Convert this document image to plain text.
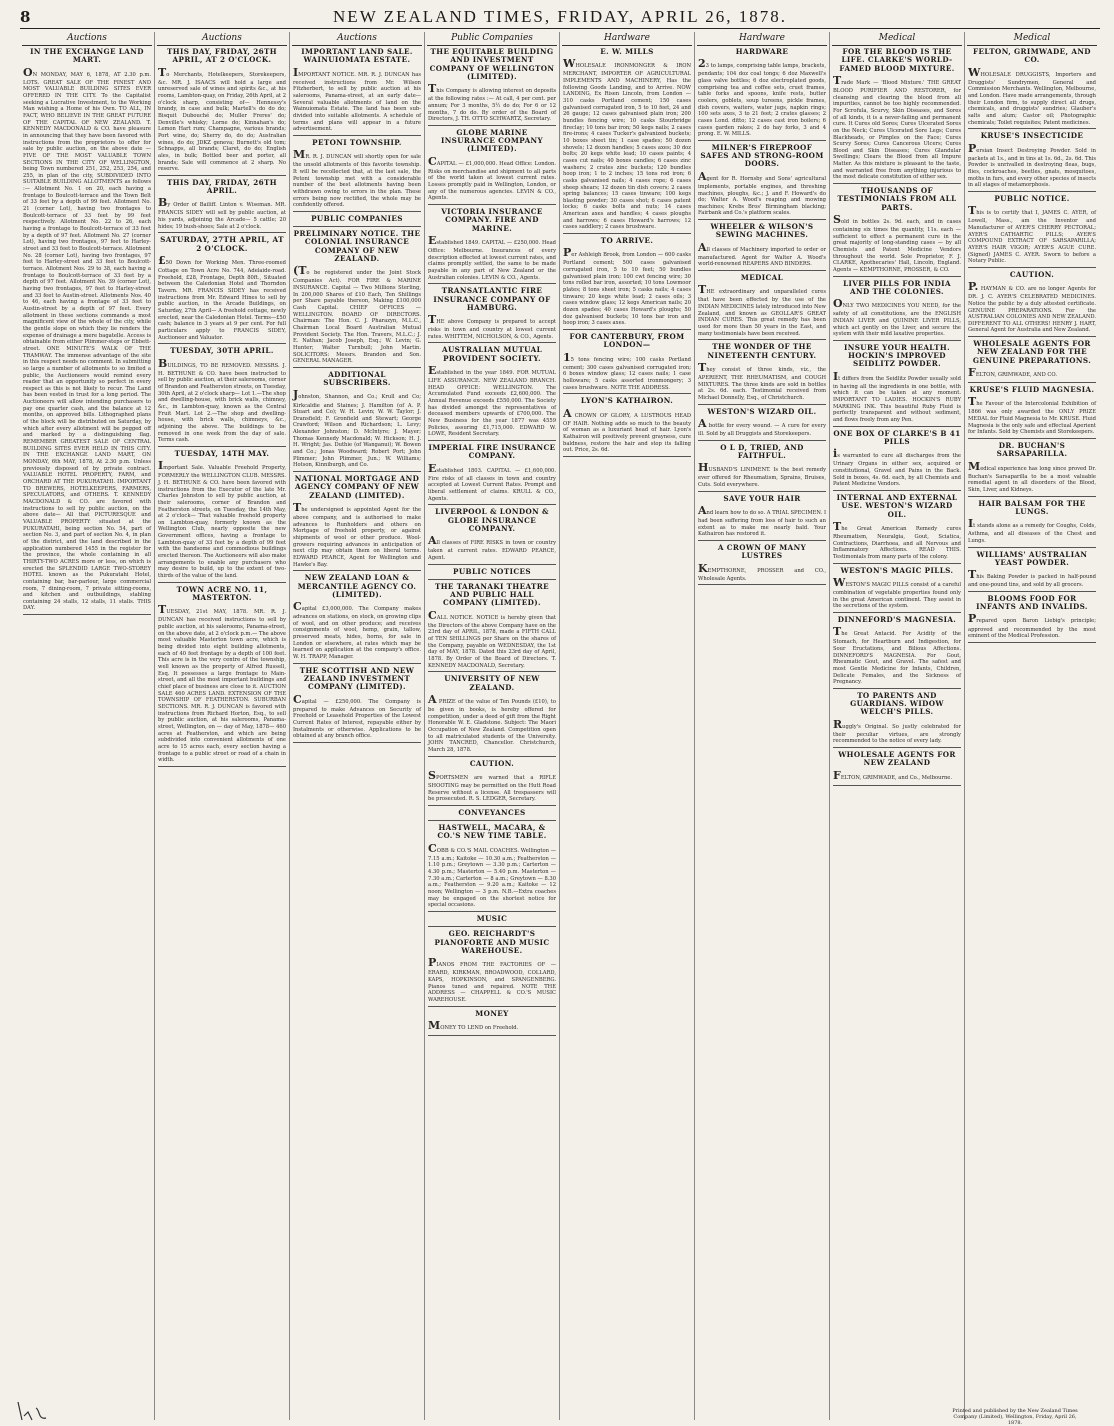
8	NEW ZEALAND TIMES, FRIDAY, APRIL 26, 1878.
Auctions
IN THE EXCHANGE LAND MART.

ON MONDAY, MAY 6, 1878, AT 2.30 p.m. LOTS. GREAT SALE OF THE FINEST AND MOST VALUABLE BUILDING SITES EVER OFFERED IN THE CITY. To the Capitalist seeking a Lucrative Investment, to the Working Man wishing a Home of his Own. TO ALL, IN FACT, WHO BELIEVE IN THE GREAT FUTURE OF THE CAPITAL OF NEW ZEALAND. T. KENNEDY MACDONALD & CO. have pleasure in announcing that they have been favored with instructions from the proprietors to offer for sale by public auction, on the above date — FIVE OF THE MOST VALUABLE TOWN SECTIONS IN THE CITY OF WELLINGTON, being Town numbered 251, 252, 253, 254, and 255, in plan of the city, SUBDIVIDED INTO SUITABLE BUILDING ALLOTMENTS as follows :— Allotment No. 1 on 20, each having a frontage to Boulcott-terrace and the Town Belt of 33 feet by a depth of 99 feet. Allotment No. 21 (corner Lot), having two frontages to Boulcott-terrace of 33 feet by 99 feet respectively. Allotment No. 22 to 26, each having a frontage to Boulcott-terrace of 33 feet by a depth of 97 feet. Allotment No. 27 (corner Lot), having two frontages, 97 feet to Harley-street and 33 feet to Boulcott-terrace. Allotment No. 28 (corner Lot), having two frontages, 97 feet to Harley-street and 33 feet to Boulcott-terrace. Allotment Nos. 29 to 38, each having a frontage to Boulcott-terrace of 33 feet by a depth of 97 feet. Allotment No. 39 (corner Lot), having two frontages, 97 feet to Harley-street and 33 feet to Austin-street. Allotments Nos. 40 to 46, each having a frontage of 33 feet to Austin-street by a depth of 97 feet. Every allotment in these sections commands a most magnificent view of the whole of the city, while the gentle slope on which they lie renders the expense of drainage a mere bagatelle. Access is obtainable from either Plimmer-steps or Ebbett-street. ONE MINUTE'S WALK OF THE TRAMWAY. The immense advantage of the site in this respect needs no comment. In submitting so large a number of allotments to so limited a public, the Auctioneers would remind every reader that an opportunity so perfect in every respect as this is not likely to recur. The Land has been vested in trust for a long period. The Auctioneers will allow intending purchasers to pay one quarter cash, and the balance at 12 months, on approved bills. Lithographed plans of the block will be distributed on Saturday, by which after every allotment will be pegged off and marked by a distinguishing flag. REMEMBER GREATEST SALE OF CENTRAL BUILDING SITES EVER HELD IN THIS CITY. IN THE EXCHANGE LAND MART, ON MONDAY, 6th MAY, 1878, At 2.30 p.m. Unless previously disposed of by private contract. VALUABLE HOTEL PROPERTY, FARM, and ORCHARD AT THE PUKURATAHI. IMPORTANT TO BREWERS, HOTELKEEPERS, FARMERS, SPECULATORS, and OTHERS. T. KENNEDY MACDONALD & CO. are favored with instructions to sell by public auction, on the above date— All that PICTURESQUE and VALUABLE PROPERTY situated at the PUKURATAHI, being section No. 54, part of section No. 3, and part of section No. 4, in plan of the district, and the land described in the application numbered 1455 in the register for the province, the whole containing in all THIRTY-TWO ACRES more or less, on which is erected the SPLENDID LARGE TWO-STOREY HOTEL known as the Pukuratahi Hotel, containing bar, bar-parlour, large commercial room, 7 dining-room, 7 private sitting-rooms, and kitchen and outbuildings, stabling containing 24 stalls, 12 stalls, 11 stalls. THIS DAY.

Auctions
THIS DAY, FRIDAY, 26TH APRIL, AT 2 O'CLOCK.

To Merchants, Hotelkeepers, Storekeepers, &c. MR. J. ISAACS will hold a large and unreserved sale of wines and spirits &c., at his rooms, Lambton-quay, on Friday, 26th April, at 2 o'clock sharp, consisting of— Hennessy's brandy, in case and bulk; Martell's do do do; Bisquit Dubouché do; Muller Freres' do; Denville's whisky; Lorne do; Kinnahan's do; Lemon Hart rum; Champagne, various brands; Port wine, do; Sherry do, do do; Australian wines, do do; JDKZ geneva; Burnett's old tom; Schnapps, all brands; Claret, do do; English ales, in bulk; Bottled beer and porter, all brands; Sale will commence at 2 sharp. No reserve.

THIS DAY, FRIDAY, 26TH APRIL.

By Order of Bailiff. Linton v. Wiseman. MR. FRANCIS SIDEY will sell by public auction, at his yards, adjoining the Arcade— 5 cattle; 20 hides; 19 bush-shoes; Sale at 2 o'clock.

SATURDAY, 27TH APRIL, AT 2 O'CLOCK.

£50 Down for Working Men. Three-roomed Cottage on Town Acre No. 744, Adelaide-road. Freehold, £28, Frontage, Depth 80ft., Situated between the Caledonian Hotel and Thorndon Tavern. MR. FRANCIS SIDEY has received instructions from Mr. Edward Hines to sell by public auction, in the Arcade Buildings, on Saturday, 27th April— A freehold cottage, newly erected, near the Caledonian Hotel. Terms—£50 cash; balance in 3 years at 9 per cent. For full particulars apply to FRANCIS SIDEY, Auctioneer and Valuator.

TUESDAY, 30TH APRIL.

BUILDINGS, TO BE REMOVED. MESSRS. J. H. BETHUNE & CO. have been instructed to sell by public auction, at their salerooms, corner of Brandon and Featherston streets, on Tuesday, 30th April, at 2 o'clock sharp— Lot 1.—The shop and dwelling-house, with brick walls, chimney, &c., in Lambton-quay, known as the Central Fruit Mart. Lot 2.—The shop and dwelling-house, with brick walls, chimneys, &c., adjoining the above. The buildings to be removed in one week from the day of sale. Terms cash.

TUESDAY, 14TH MAY.

Important Sale. Valuable Freehold Property, FORMERLY the WELLINGTON CLUB. MESSRS. J. H. BETHUNE & CO. have been favored with instructions from the Executor of the late Mr. Charles Johnston to sell by public auction, at their salerooms, corner of Brandon and Featherston streets, on Tuesday, the 14th May, at 2 o'clock— That valuable freehold property on Lambton-quay, formerly known as the Wellington Club, nearly opposite the new Government offices, having a frontage to Lambton-quay of 33 feet by a depth of 99 feet with the handsome and commodious buildings erected thereon. The Auctioneers will also make arrangements to enable any purchasers who may desire to build, up to the extent of two-thirds of the value of the land.

TOWN ACRE NO. 11, MASTERTON.

TUESDAY, 21st MAY, 1878. MR. R. J. DUNCAN has received instructions to sell by public auction, at his salerooms, Panama-street, on the above date, at 2 o'clock p.m.— The above most valuable Masterton town acre, which is being divided into eight building allotments, each of 40 feet frontage by a depth of 100 feet. This acre is in the very centre of the township, well known as the property of Alfred Russell, Esq. It possesses a large frontage to Main-street, and all the most important buildings and chief place of business are close to it. AUCTION SALE 460 ACRES LAND. EXTENSION OF THE TOWNSHIP OF FEATHERSTON. SUBURBAN SECTIONS. MR. R. J. DUNCAN is favored with instructions from Richard Horton, Esq., to sell by public auction, at his salerooms, Panama-street, Wellington, on — day of May, 1878— 460 acres at Featherston, and which are being subdivided into convenient allotments of one acre to 15 acres each, every section having a frontage to a public street or road of a chain in width.

Auctions
IMPORTANT LAND SALE. WAINUIOMATA ESTATE.

IMPORTANT NOTICE. MR. R. J. DUNCAN has received instructions from Mr. Wilson Fitzherbert, to sell by public auction at his salerooms, Panama-street, at an early date— Several valuable allotments of land on the Wainuiomata Estate. The land has been sub-divided into suitable allotments. A schedule of terms and plans will appear in a future advertisement.

PETONI TOWNSHIP.

MR. R. J. DUNCAN will shortly open for sale the unsold allotments of this favorite township. It will be recollected that, at the last sale, the Petoni township met with a considerable number of the best allotments having been withdrawn owing to errors in the plan. These errors being now rectified, the whole may be confidently offered.

PUBLIC COMPANIES
PRELIMINARY NOTICE. THE COLONIAL INSURANCE COMPANY OF NEW ZEALAND.

(To be registered under the Joint Stock Companies Act). FOR FIRE & MARINE INSURANCE. Capital — Two Millions Sterling, In 200,000 Shares of £10 Each, Ten Shillings per Share payable thereon, Making £100,000 Cash Capital. CHIEF OFFICES — WELLINGTON. BOARD OF DIRECTORS. Chairman: The Hon. C. J. Pharazyn, M.L.C., Chairman Local Board Australian Mutual Provident Society. The Hon. Travers, M.L.C.; J. E. Nathan; Jacob Joseph, Esq.; W. Levin; G. Hunter; Walter Turnbull; John Martin. SOLICITORS: Messrs. Brandon and Son. GENERAL MANAGER.

ADDITIONAL SUBSCRIBERS.

Johnston, Shannon, and Co.; Krull and Co; Kirkcaldie and Staines; J. Hamilton (of A. P. Stuart and Co); W. H. Levin; W. W. Taylor; J. Dransfield; F. Gronfield and Stewart; George Crawford; Wilson and Richardson; L. Levy; Alexander Johnston; D. McIntyre; J. Mayer; Thomas Kennedy Macdonald; W. Hickson; H. J. H. Wright; Jas. Duthie (of Wanganui); W. Bowen and Co.; Jonas Woodward; Robert Port; John Plimmer; John Plimmer, Jun.; W. Williams; Hotson, Kinniburgh, and Co.

NATIONAL MORTGAGE AND AGENCY COMPANY OF NEW ZEALAND (LIMITED).

The undersigned is appointed Agent for the above company, and is authorised to make advances to Runholders and others on Mortgage of freehold property, or against shipments of wool or other produce. Wool-growers requiring advances in anticipation of next clip may obtain them on liberal terms. EDWARD PEARCE, Agent for Wellington and Hawke's Bay.

NEW ZEALAND LOAN & MERCANTILE AGENCY CO. (LIMITED).

Capital £3,000,000. The Company makes advances on stations, on stock, on growing clips of wool, and on other produce; and receives consignments of wool, hemp, grain, tallow, preserved meats, hides, horns, for sale in London or elsewhere, at rates which may be learned on application at the company's office. W. H. TRAPP, Manager.

THE SCOTTISH AND NEW ZEALAND INVESTMENT COMPANY (LIMITED).

Capital — £250,000. The Company is prepared to make Advances on Security of Freehold or Leasehold Properties of the Lowest Current Rates of Interest, repayable either by Instalments or otherwise. Applications to be obtained at any branch office.

Public Companies
THE EQUITABLE BUILDING AND INVESTMENT COMPANY OF WELLINGTON (LIMITED).

This Company is allowing interest on deposits at the following rates :— At call, 4 per cent. per annum; For 3 months, 5½ do do; For 6 or 12 months, 7 do do. By order of the Board of Directors, J. TH. OTTO SCHWARTZ, Secretary.

GLOBE MARINE INSURANCE COMPANY (LIMITED).

CAPITAL — £1,000,000. Head Office: London. Risks on merchandise and shipment to all parts of the world taken at lowest current rates. Losses promptly paid in Wellington, London, or any of the numerous agencies. LEVIN & CO., Agents.

VICTORIA INSURANCE COMPANY. FIRE AND MARINE.

Established 1849. CAPITAL — £250,000. Head Office: Melbourne. Insurances of every description effected at lowest current rates, and claims promptly settled, the same to be made payable in any part of New Zealand or the Australian colonies. LEVIN & CO., Agents.

TRANSATLANTIC FIRE INSURANCE COMPANY OF HAMBURG.

THE above Company is prepared to accept risks in town and country at lowest current rates. WHITTEM, NICHOLSON, & CO., Agents.

AUSTRALIAN MUTUAL PROVIDENT SOCIETY.

Established in the year 1849. FOR MUTUAL LIFE ASSURANCE. NEW ZEALAND BRANCH. HEAD OFFICE: WELLINGTON. The Accumulated Fund exceeds £2,600,000. The Annual Revenue exceeds £550,000. The Society has divided amongst the representatives of deceased members upwards of £700,000. The New Business for the year 1877 was 4559 Policies, assuring £1,715,000. EDWARD W. LOWE, Resident Secretary.

IMPERIAL FIRE INSURANCE COMPANY.

Established 1803. CAPITAL — £1,600,000. Fire risks of all classes in town and country accepted at Lowest Current Rates. Prompt and liberal settlement of claims. KRULL & CO., Agents.

LIVERPOOL & LONDON & GLOBE INSURANCE COMPANY.

All classes of FIRE RISKS in town or country taken at current rates. EDWARD PEARCE, Agent.

PUBLIC NOTICES
THE TARANAKI THEATRE AND PUBLIC HALL COMPANY (LIMITED).

CALL NOTICE. NOTICE is hereby given that the Directors of the above Company have on the 23rd day of APRIL, 1878, made a FIFTH CALL of TEN SHILLINGS per Share on the shares of the Company, payable on WEDNESDAY, the 1st day of MAY, 1878. Dated this 23rd day of April, 1878. By Order of the Board of Directors. T. KENNEDY MACDONALD, Secretary.

UNIVERSITY OF NEW ZEALAND.

A PRIZE of the value of Ten Pounds (£10), to be given in books, is hereby offered for competition, under a deed of gift from the Right Honorable W. E. Gladstone. Subject: The Maori Occupation of New Zealand. Competition open to all matriculated students of the University. JOHN TANCRED, Chancellor. Christchurch, March 28, 1878.

CAUTION.

SPORTSMEN are warned that a RIFLE SHOOTING may be permitted on the Hutt Road Reserve without a license. All trespassers will be prosecuted. R. S. LEDGER, Secretary.

CONVEYANCES
HASTWELL, MACARA, & CO.'S NEW TIME TABLE.

COBB & CO.'S MAIL COACHES. Wellington — 7.15 a.m.; Kaitoke — 10.30 a.m.; Featherston — 1.10 p.m.; Greytown — 3.30 p.m.; Carterton — 4.30 p.m.; Masterton — 5.40 p.m. Masterton — 7.30 a.m.; Carterton — 8 a.m.; Greytown — 8.30 a.m.; Featherston — 9.20 a.m.; Kaitoke — 12 noon; Wellington — 3 p.m. N.B.—Extra coaches may be engaged on the shortest notice for special occasions.

MUSIC
GEO. REICHARDT'S PIANOFORTE AND MUSIC WAREHOUSE.

PIANOS FROM THE FACTORIES OF — ERARD, KIRKMAN, BROADWOOD, COLLARD, KAPS, HOPKINSON, and SPANGENBERG. Pianos tuned and repaired. NOTE THE ADDRESS — CHAPPELL & CO.'S MUSIC WAREHOUSE.

MONEY

MONEY TO LEND on Freehold.

Hardware
E. W. MILLS

WHOLESALE IRONMONGER & IRON MERCHANT, IMPORTER OF AGRICULTURAL IMPLEMENTS AND MACHINERY, Has the following Goods Landing, and to Arrive. NOW LANDING, Ex Risen Lincoln, from London — 310 casks Portland cement; 150 cases galvanised corrugated iron, 5 to 10 feet, 24 and 26 gauge; 12 cases galvanised plain iron; 200 bundles fencing wire; 10 casks Stourbridge fireclay; 10 tons bar iron; 50 kegs nails; 2 cases fire-irons; 4 cases Tucker's galvanized buckets; 10 boxes sheet tin; 1 case spades; 50 dozen shovels; 12 dozen handles; 5 cases axes; 30 doz bolts; 20 kegs white lead; 10 cases paints; 4 cases cut nails; 40 boxes candles; 6 cases zinc washers; 2 crates zinc buckets; 120 bundles hoop iron; 1 to 2 inches; 15 tons rod iron; 6 casks galvanised nails; 4 cases rope; 6 cases sheep shears; 12 dozen tin dish covers; 2 cases spring balances; 15 cases tinware; 100 kegs blasting powder; 30 cases shot; 6 cases patent locks; 6 casks bolts and nuts; 14 cases American axes and handles; 4 cases ploughs and harrows; 6 cases Howard's harrows; 12 cases saddlery; 2 cases brushware.

TO ARRIVE.

Per Ashleigh Brook, from London — 600 casks Portland cement; 500 cases galvanised corrugated iron, 5 to 10 feet; 50 bundles galvanised plain iron; 100 cwt fencing wire; 30 tons rolled bar iron, assorted; 10 tons Lowmoor plates; 8 tons sheet iron; 5 casks nails; 4 cases tinware; 20 kegs white lead; 2 cases oils; 3 cases window glass; 12 kegs American nails; 20 dozen spades; 40 cases Howard's ploughs; 50 doz galvanised buckets; 10 tons bar iron and hoop iron; 3 cases axes.

FOR CANTERBURY, FROM LONDON—

15 tons fencing wire; 100 casks Portland cement; 300 cases galvanised corrugated iron; 6 boxes window glass; 12 cases nails; 1 case holloware; 5 casks assorted ironmongery; 3 cases brushware. NOTE THE ADDRESS.

LYON'S KATHAIRON.

A CROWN OF GLORY, A LUSTROUS HEAD OF HAIR. Nothing adds so much to the beauty of woman as a luxuriant head of hair. Lyon's Kathairon will positively prevent grayness, cure baldness, restore the hair and stop its falling out. Price, 2s. 6d.

Hardware
HARDWARE

23 to lamps, comprising table lamps, brackets, pendants; 104 doz coal tongs; 6 doz Maxwell's glass valve bottles; 6 doz electroplated goods, comprising tea and coffee sets, cruet frames, table forks and spoons, knife rests, butter coolers, goblets, soup tureens, pickle frames, dish covers, waiters, water jugs, napkin rings; 100 sets axes, 3 to 21 feet; 2 crates glasses; 2 cases Lond. ditto; 12 cases cast iron boilers; 6 cases garden rakes; 2 do hay forks, 3 and 4 prong. E. W. MILLS.

MILNER'S FIREPROOF SAFES AND STRONG-ROOM DOORS.

Agent for R. Hornsby and Sons' agricultural implements, portable engines, and threshing machines, ploughs, &c.; J. and F. Howard's do do; Walter A. Wood's reaping and mowing machines; Krebs Bros' Birmingham blacking; Fairbank and Co.'s platform scales.

WHEELER & WILSON'S SEWING MACHINES.

All classes of Machinery imported to order or manufactured. Agent for Walter A. Wood's world-renowned REAPERS AND BINDERS.

MEDICAL

THE extraordinary and unparalleled cures that have been effected by the use of the INDIAN MEDICINES lately introduced into New Zealand, and known as GEOLLAR'S GREAT INDIAN CURES. This great remedy has been used for more than 50 years in the East, and many testimonials have been received.

THE WONDER OF THE NINETEENTH CENTURY.

They consist of three kinds, viz., the APERIENT, THE RHEUMATISM, and COUGH MIXTURES. The three kinds are sold in bottles at 2s. 6d. each. Testimonial received from Michael Donnelly, Esq., of Christchurch.

WESTON'S WIZARD OIL.

A bottle for every wound. — A cure for every ill. Sold by all Druggists and Storekeepers.

O L D, TRIED, AND FAITHFUL.

HUSBAND'S LINIMENT. Is the best remedy ever offered for Rheumatism, Sprains, Bruises, Cuts. Sold everywhere.

SAVE YOUR HAIR

And learn how to do so. A TRIAL SPECIMEN. I had been suffering from loss of hair to such an extent as to make me nearly bald. Your Kathairon has restored it.

A CROWN OF MANY LUSTRES

KEMPTHORNE, PROSSER and CO., Wholesale Agents.

Medical
FOR THE BLOOD IS THE LIFE. CLARKE'S WORLD-FAMED BLOOD MIXTURE.

Trade Mark — 'Blood Mixture.' THE GREAT BLOOD PURIFIER AND RESTORER, for cleansing and clearing the blood from all impurities, cannot be too highly recommended. For Scrofula, Scurvy, Skin Diseases, and Sores of all kinds, it is a never-failing and permanent cure. It Cures old Sores; Cures Ulcerated Sores on the Neck; Cures Ulcerated Sore Legs; Cures Blackheads, or Pimples on the Face; Cures Scurvy Sores; Cures Cancerous Ulcers; Cures Blood and Skin Diseases; Cures Glandular Swellings; Clears the Blood from all Impure Matter. As this mixture is pleasant to the taste, and warranted free from anything injurious to the most delicate constitution of either sex.

THOUSANDS OF TESTIMONIALS FROM ALL PARTS.

Sold in bottles 2s. 9d. each, and in cases containing six times the quantity, 11s. each — sufficient to effect a permanent cure in the great majority of long-standing cases — by all Chemists and Patent Medicine Vendors throughout the world. Sole Proprietor, F. J. CLARKE, Apothecaries' Hall, Lincoln, England. Agents — KEMPTHORNE, PROSSER, & CO.

LIVER PILLS FOR INDIA AND THE COLONIES.

ONLY TWO MEDICINES YOU NEED, for the safety of all constitutions, are the ENGLISH INDIAN LIVER and QUININE LIVER PILLS, which act gently on the Liver, and secure the system with their mild laxative properties.

INSURE YOUR HEALTH. HOCKIN'S IMPROVED SEIDLITZ POWDER.

It differs from the Seidlitz Powder usually sold in having all the ingredients in one bottle, with which it can be taken at any moment. IMPORTANT TO LADIES. HOCKIN'S RUBY MARKING INK. This beautiful Ruby Fluid is perfectly transparent and without sediment, and flows freely from any Pen.

ONE BOX OF CLARKE'S B 41 PILLS

is warranted to cure all discharges from the Urinary Organs in either sex, acquired or constitutional, Gravel and Pains in the Back. Sold in boxes, 4s. 6d. each, by all Chemists and Patent Medicine Vendors.

INTERNAL AND EXTERNAL USE. WESTON'S WIZARD OIL.

The Great American Remedy cures Rheumatism, Neuralgia, Gout, Sciatica, Contractions, Diarrhoea, and all Nervous and Inflammatory Affections. READ THIS. Testimonials from many parts of the colony.

WESTON'S MAGIC PILLS.

WESTON'S MAGIC PILLS consist of a careful combination of vegetable properties found only in the great American continent. They assist in the secretions of the system.

DINNEFORD'S MAGNESIA.

The Great Antacid. For Acidity of the Stomach, for Heartburn and Indigestion, for Sour Eructations, and Bilious Affections. DINNEFORD'S MAGNESIA. For Gout, Rheumatic Gout, and Gravel. The safest and most Gentle Medicine for Infants, Children, Delicate Females, and the Sickness of Pregnancy.

TO PARENTS AND GUARDIANS. WIDOW WELCH'S PILLS.

Ruggly's Original. So justly celebrated for their peculiar virtues, are strongly recommended to the notice of every lady.

WHOLESALE AGENTS FOR NEW ZEALAND

FELTON, GRIMWADE, and Co., Melbourne.

Medical
FELTON, GRIMWADE, AND CO.

WHOLESALE DRUGGISTS, Importers and Druggists' Sundrymen, General and Commission Merchants. Wellington, Melbourne, and London. Have made arrangements, through their London firm, to supply direct all drugs, chemicals, and druggists' sundries; Glauber's salts and alum; Castor oil; Photographic chemicals; Toilet requisites; Patent medicines.

KRUSE'S INSECTICIDE

Persian Insect Destroying Powder. Sold in packets at 1s., and in tins at 1s. 6d., 2s. 6d. This Powder is unrivalled in destroying fleas, bugs, flies, cockroaches, beetles, gnats, mosquitoes, moths in furs, and every other species of insects in all stages of metamorphosis.

PUBLIC NOTICE.

This is to certify that I, JAMES C. AYER, of Lowell, Mass., am the Inventor and Manufacturer of AYER'S CHERRY PECTORAL; AYER'S CATHARTIC PILLS; AYER'S COMPOUND EXTRACT OF SARSAPARILLA; AYER'S HAIR VIGOR; AYER'S AGUE CURE. (Signed) JAMES C. AYER. Sworn to before a Notary Public.

CAUTION.

P. HAYMAN & CO. are no longer Agents for DR. J. C. AYER'S CELEBRATED MEDICINES. Notice the public by a duly attested certificate. GENUINE PREPARATIONS. For the AUSTRALIAN COLONIES AND NEW ZEALAND. DIFFERENT TO ALL OTHERS! HENRY J. HART, General Agent for Australia and New Zealand.

WHOLESALE AGENTS FOR NEW ZEALAND FOR THE GENUINE PREPARATIONS.

FELTON, GRIMWADE, AND CO.

KRUSE'S FLUID MAGNESIA.

The Favour of the Intercolonial Exhibition of 1866 was only awarded the ONLY PRIZE MEDAL for Fluid Magnesia to Mr. KRUSE. Fluid Magnesia is the only safe and effectual Aperient for Infants. Sold by Chemists and Storekeepers.

DR. BUCHAN'S SARSAPARILLA.

Medical experience has long since proved Dr. Buchan's Sarsaparilla to be a most valuable remedial agent in all disorders of the Blood, Skin, Liver, and Kidneys.

HAIR BALSAM FOR THE LUNGS.

It stands alone as a remedy for Coughs, Colds, Asthma, and all diseases of the Chest and Lungs.

WILLIAMS' AUSTRALIAN YEAST POWDER.

This Baking Powder is packed in half-pound and one-pound tins, and sold by all grocers.

BLOOMS FOOD FOR INFANTS AND INVALIDS.

Prepared upon Baron Liebig's principle; approved and recommended by the most eminent of the Medical Profession.

Printed and published by the New Zealand Times Company (Limited), Wellington, Friday, April 26, 1878.
